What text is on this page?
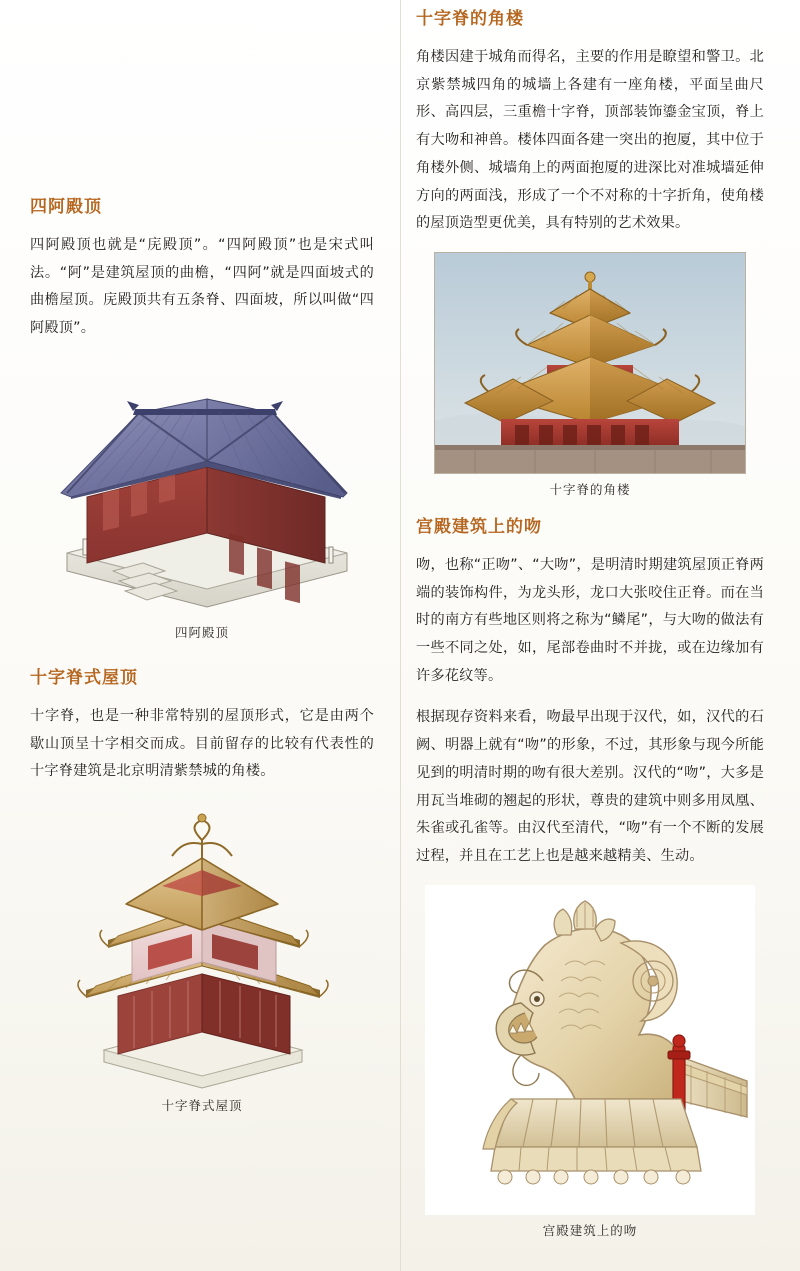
四阿殿顶

四阿殿顶也就是“庑殿顶”。“四阿殿顶”也是宋式叫法。“阿”是建筑屋顶的曲檐，“四阿”就是四面坡式的曲檐屋顶。庑殿顶共有五条脊、四面坡，所以叫做“四阿殿顶”。

四阿殿顶
十字脊式屋顶

十字脊，也是一种非常特别的屋顶形式，它是由两个歇山顶呈十字相交而成。目前留存的比较有代表性的十字脊建筑是北京明清紫禁城的角楼。

十字脊式屋顶
十字脊的角楼

角楼因建于城角而得名，主要的作用是瞭望和警卫。北京紫禁城四角的城墙上各建有一座角楼，平面呈曲尺形、高四层，三重檐十字脊，顶部装饰鎏金宝顶，脊上有大吻和神兽。楼体四面各建一突出的抱厦，其中位于角楼外侧、城墙角上的两面抱厦的进深比对准城墙延伸方向的两面浅，形成了一个不对称的十字折角，使角楼的屋顶造型更优美，具有特别的艺术效果。

十字脊的角楼
宫殿建筑上的吻

吻，也称“正吻”、“大吻”，是明清时期建筑屋顶正脊两端的装饰构件，为龙头形，龙口大张咬住正脊。而在当时的南方有些地区则将之称为“鳞尾”，与大吻的做法有一些不同之处，如，尾部卷曲时不并拢，或在边缘加有许多花纹等。

根据现存资料来看，吻最早出现于汉代，如，汉代的石阙、明器上就有“吻”的形象，不过，其形象与现今所能见到的明清时期的吻有很大差别。汉代的“吻”，大多是用瓦当堆砌的翘起的形状，尊贵的建筑中则多用凤凰、朱雀或孔雀等。由汉代至清代，“吻”有一个不断的发展过程，并且在工艺上也是越来越精美、生动。

宫殿建筑上的吻
